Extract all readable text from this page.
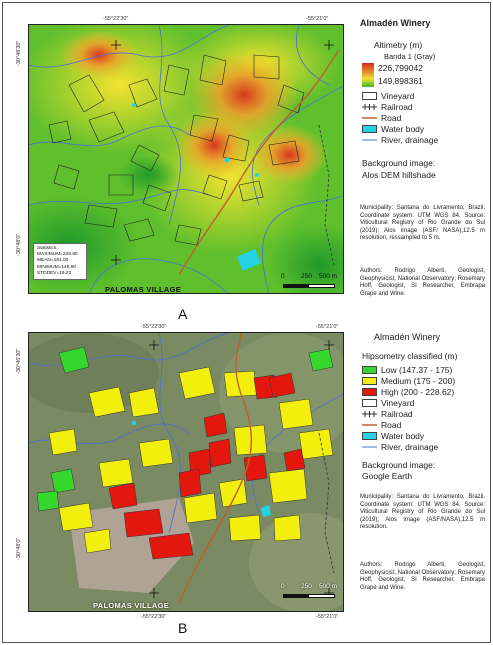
-55°22'30"	-55°21'0"
-30°46'30"
-30°48'0"	Statistics:
MAXIMUM=226.80
MEAN=181.00
MINIMUM=149.90
STDDEV=16.23
PALOMAS VILLAGE
0	250 500 m
Almadén Winery
Altimetry (m)
Banda 1 (Gray)
226,799042
149,898361
Vineyard
Railroad
Road
Water body
River, drainage
Background image:
Alos DEM hillshade
Municipality: Santana do Livramento, Brazil. Coordinate system: UTM WGS 84. Source: Viticultural Registry of Rio Grande do Sul (2019); Alos image (ASF/ NASA),12.5 m resolution, ressampled to 5 m.
Authors: Rodrigo Alberti, Geologist, Geophysicist, National Observatory; Rosemary Hoff, Geologist, SI Researcher, Embrapa Grape and Wine.
A
-55°22'30"	-55°21'0"
-30°46'30"
-30°48'0"
-55°22'30"	-55°21'0"
PALOMAS VILLAGE
0	250 500 m
Almadén Winery
Hipsometry classified (m)
Low (147.37 - 175)
Medium (175 - 200)
High (200 - 228.62)
Vineyard
Railroad
Road
Water body
River, drainage
Background image:
Google Earth
Municipality: Santana do Livramento, Brazil. Coordinate system: UTM WGS 84. Source: Viticultural Registry of Rio Grande do Sul (2019); Alos image (ASF/NASA),12.5 m resolution.
Authors: Rodrigo Alberti, Geologist, Geophysicist, National Observatory; Rosemary Hoff, Geologist, SI Researcher, Embrapa Grape and Wine.
B
